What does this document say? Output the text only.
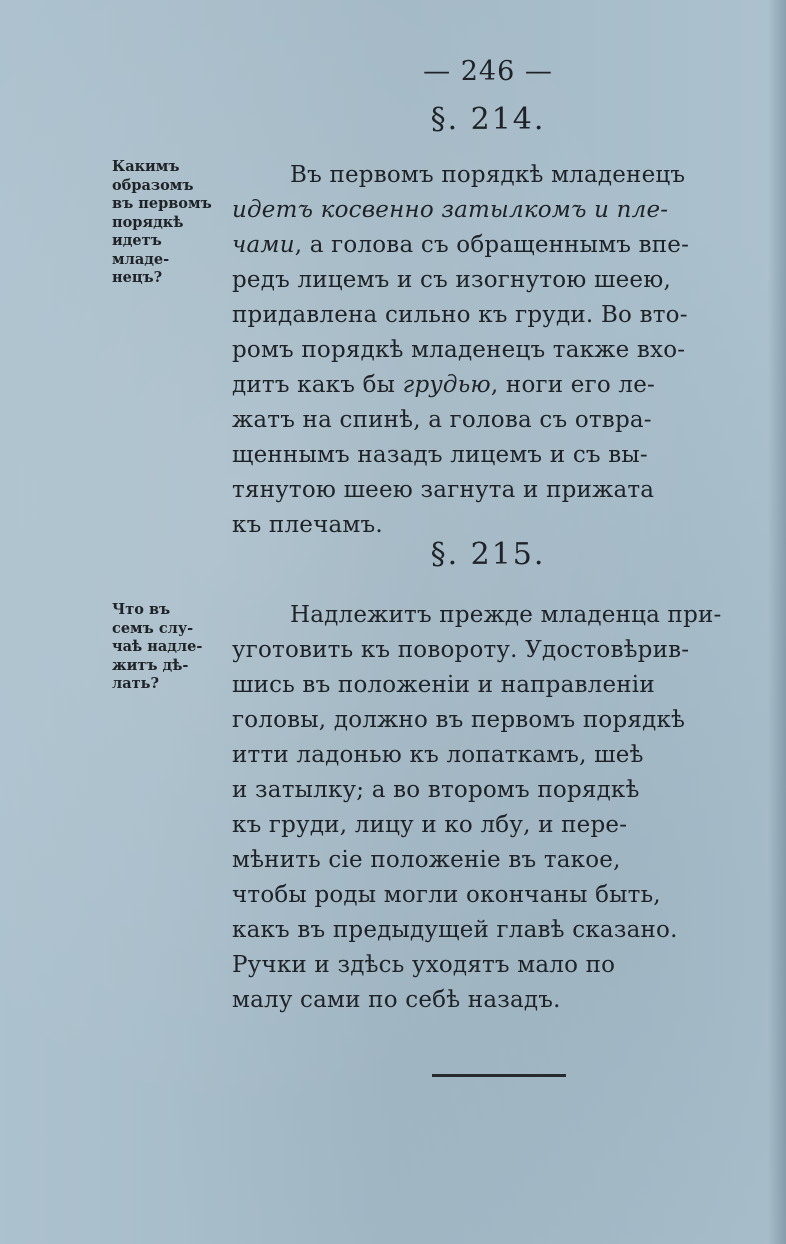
— 246 —
§. 214.
Какимъ
образомъ
въ первомъ
порядкѣ
идетъ
младе-
нецъ?
Въ первомъ порядкѣ младенецъ
идетъ косвенно затылкомъ и пле-
чами, а голова съ обращеннымъ впе-
редъ лицемъ и съ изогнутою шеею,
придавлена сильно къ груди. Во вто-
ромъ порядкѣ младенецъ также вхо-
дитъ какъ бы грудью, ноги его ле-
жатъ на спинѣ, а голова съ отвра-
щеннымъ назадъ лицемъ и съ вы-
тянутою шеею загнута и прижата
къ плечамъ.
§. 215.
Что въ
семъ слу-
чаѣ надле-
житъ дѣ-
лать?
Надлежитъ прежде младенца при-
уготовить къ повороту. Удостовѣрив-
шись въ положеніи и направленіи
головы, должно въ первомъ порядкѣ
итти ладонью къ лопаткамъ, шеѣ
и затылку; а во второмъ порядкѣ
къ груди, лицу и ко лбу, и пере-
мѣнить сіе положеніе въ такое,
чтобы роды могли окончаны быть,
какъ въ предыдущей главѣ сказано.
Ручки и здѣсь уходятъ мало по
малу сами по себѣ назадъ.
